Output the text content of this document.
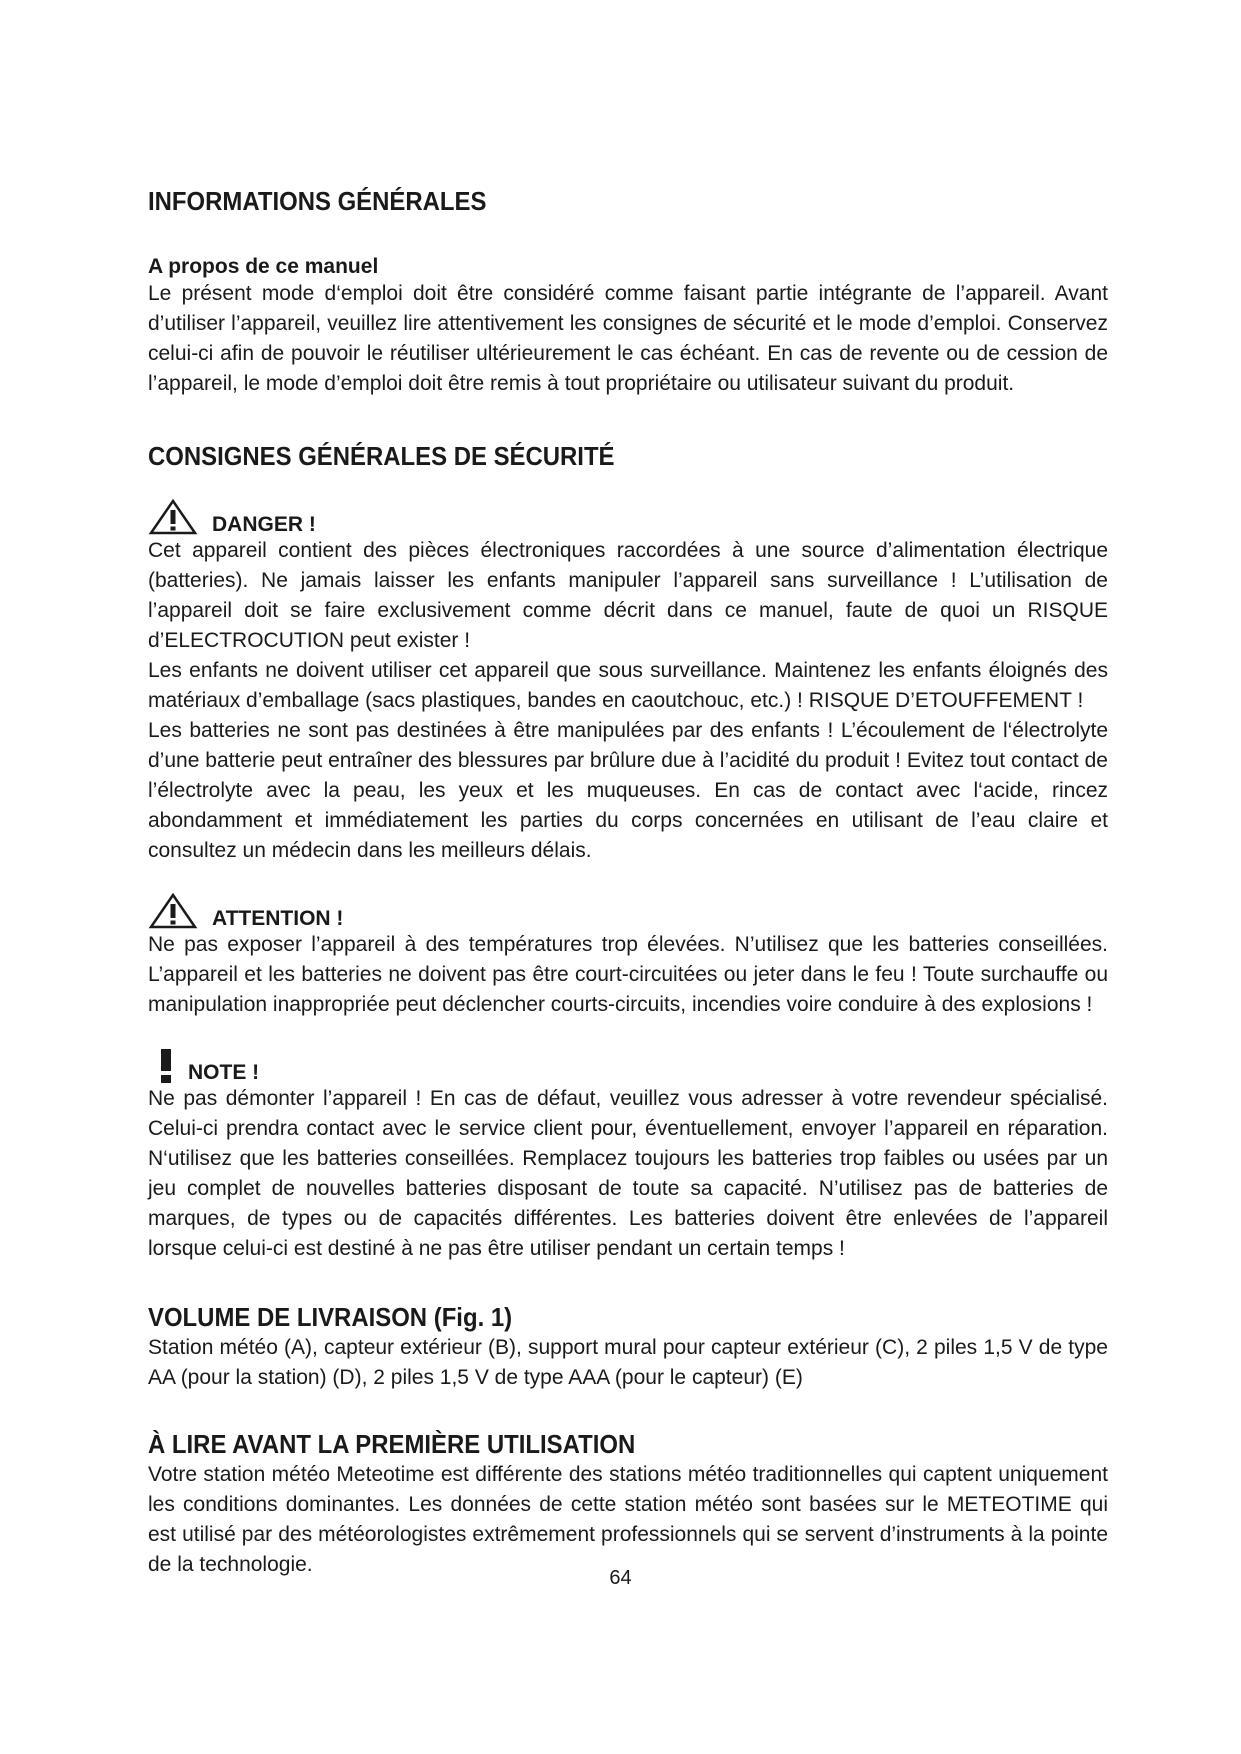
INFORMATIONS GÉNÉRALES
A propos de ce manuel

Le présent mode d‘emploi doit être considéré comme faisant partie intégrante de l’appareil. Avant d’utiliser l’appareil, veuillez lire attentivement les consignes de sécurité et le mode d’emploi. Conservez celui-ci afin de pouvoir le réutiliser ultérieurement le cas échéant. En cas de revente ou de cession de l’appareil, le mode d’emploi doit être remis à tout propriétaire ou utilisateur suivant du produit.

CONSIGNES GÉNÉRALES DE SÉCURITÉ
DANGER !

Cet appareil contient des pièces électroniques raccordées à une source d’alimentation électrique (batteries). Ne jamais laisser les enfants manipuler l’appareil sans surveillance ! L’utilisation de l’appareil doit se faire exclusivement comme décrit dans ce manuel, faute de quoi un RISQUE d’ELECTROCUTION peut exister !

Les enfants ne doivent utiliser cet appareil que sous surveillance. Maintenez les enfants éloignés des matériaux d’emballage (sacs plastiques, bandes en caoutchouc, etc.) ! RISQUE D’ETOUFFEMENT !

Les batteries ne sont pas destinées à être manipulées par des enfants ! L’écoulement de l‘électrolyte d’une batterie peut entraîner des blessures par brûlure due à l’acidité du produit ! Evitez tout contact de l’électrolyte avec la peau, les yeux et les muqueuses. En cas de contact avec l‘acide, rincez abondamment et immédiatement les parties du corps concernées en utilisant de l’eau claire et consultez un médecin dans les meilleurs délais.

ATTENTION !

Ne pas exposer l’appareil à des températures trop élevées. N’utilisez que les batteries conseillées. L’appareil et les batteries ne doivent pas être court-circuitées ou jeter dans le feu ! Toute surchauffe ou manipulation inappropriée peut déclencher courts-circuits, incendies voire conduire à des explosions !

NOTE !

Ne pas démonter l’appareil ! En cas de défaut, veuillez vous adresser à votre revendeur spécialisé. Celui-ci prendra contact avec le service client pour, éventuellement, envoyer l’appareil en réparation. N‘utilisez que les batteries conseillées. Remplacez toujours les batteries trop faibles ou usées par un jeu complet de nouvelles batteries disposant de toute sa capacité. N’utilisez pas de batteries de marques, de types ou de capacités différentes. Les batteries doivent être enlevées de l’appareil lorsque celui-ci est destiné à ne pas être utiliser pendant un certain temps !

VOLUME DE LIVRAISON (Fig. 1)

Station météo (A), capteur extérieur (B), support mural pour capteur extérieur (C), 2 piles 1,5 V de type AA (pour la station) (D), 2 piles 1,5 V de type AAA (pour le capteur) (E)

À LIRE AVANT LA PREMIÈRE UTILISATION

Votre station météo Meteotime est différente des stations météo traditionnelles qui captent uniquement les conditions dominantes. Les données de cette station météo sont basées sur le METEOTIME qui est utilisé par des météorologistes extrêmement professionnels qui se servent d’instruments à la pointe de la technologie.

64
